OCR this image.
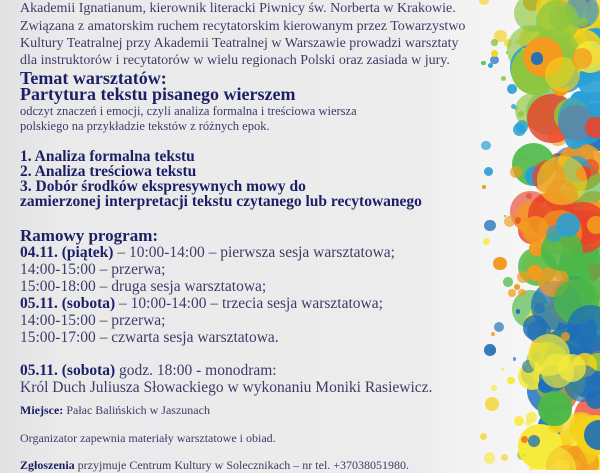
Akademii Ignatianum, kierownik literacki Piwnicy św. Norberta w Krakowie.
Związana z amatorskim ruchem recytatorskim kierowanym przez Towarzystwo
Kultury Teatralnej przy Akademii Teatralnej w Warszawie prowadzi warsztaty
dla instruktorów i recytatorów w wielu regionach Polski oraz zasiada w jury.
Temat warsztatów:
Partytura tekstu pisanego wierszem
odczyt znaczeń i emocji, czyli analiza formalna i treściowa wiersza
polskiego na przykładzie tekstów z różnych epok.
1. Analiza formalna tekstu
2. Analiza treściowa tekstu
3. Dobór środków ekspresywnych mowy do
zamierzonej interpretacji tekstu czytanego lub recytowanego
Ramowy program:
04.11. (piątek) – 10:00-14:00 – pierwsza sesja warsztatowa;
14:00-15:00 – przerwa;
15:00-18:00 – druga sesja warsztatowa;
05.11. (sobota) – 10:00-14:00 – trzecia sesja warsztatowa;
14:00-15:00 – przerwa;
15:00-17:00 – czwarta sesja warsztatowa.
05.11. (sobota) godz. 18:00 - monodram:
Król Duch Juliusza Słowackiego w wykonaniu Moniki Rasiewicz.
Miejsce: Pałac Balińskich w Jaszunach
Organizator zapewnia materiały warsztatowe i obiad.
Zgłoszenia przyjmuje Centrum Kultury w Solecznikach – nr tel. +37038051980.
